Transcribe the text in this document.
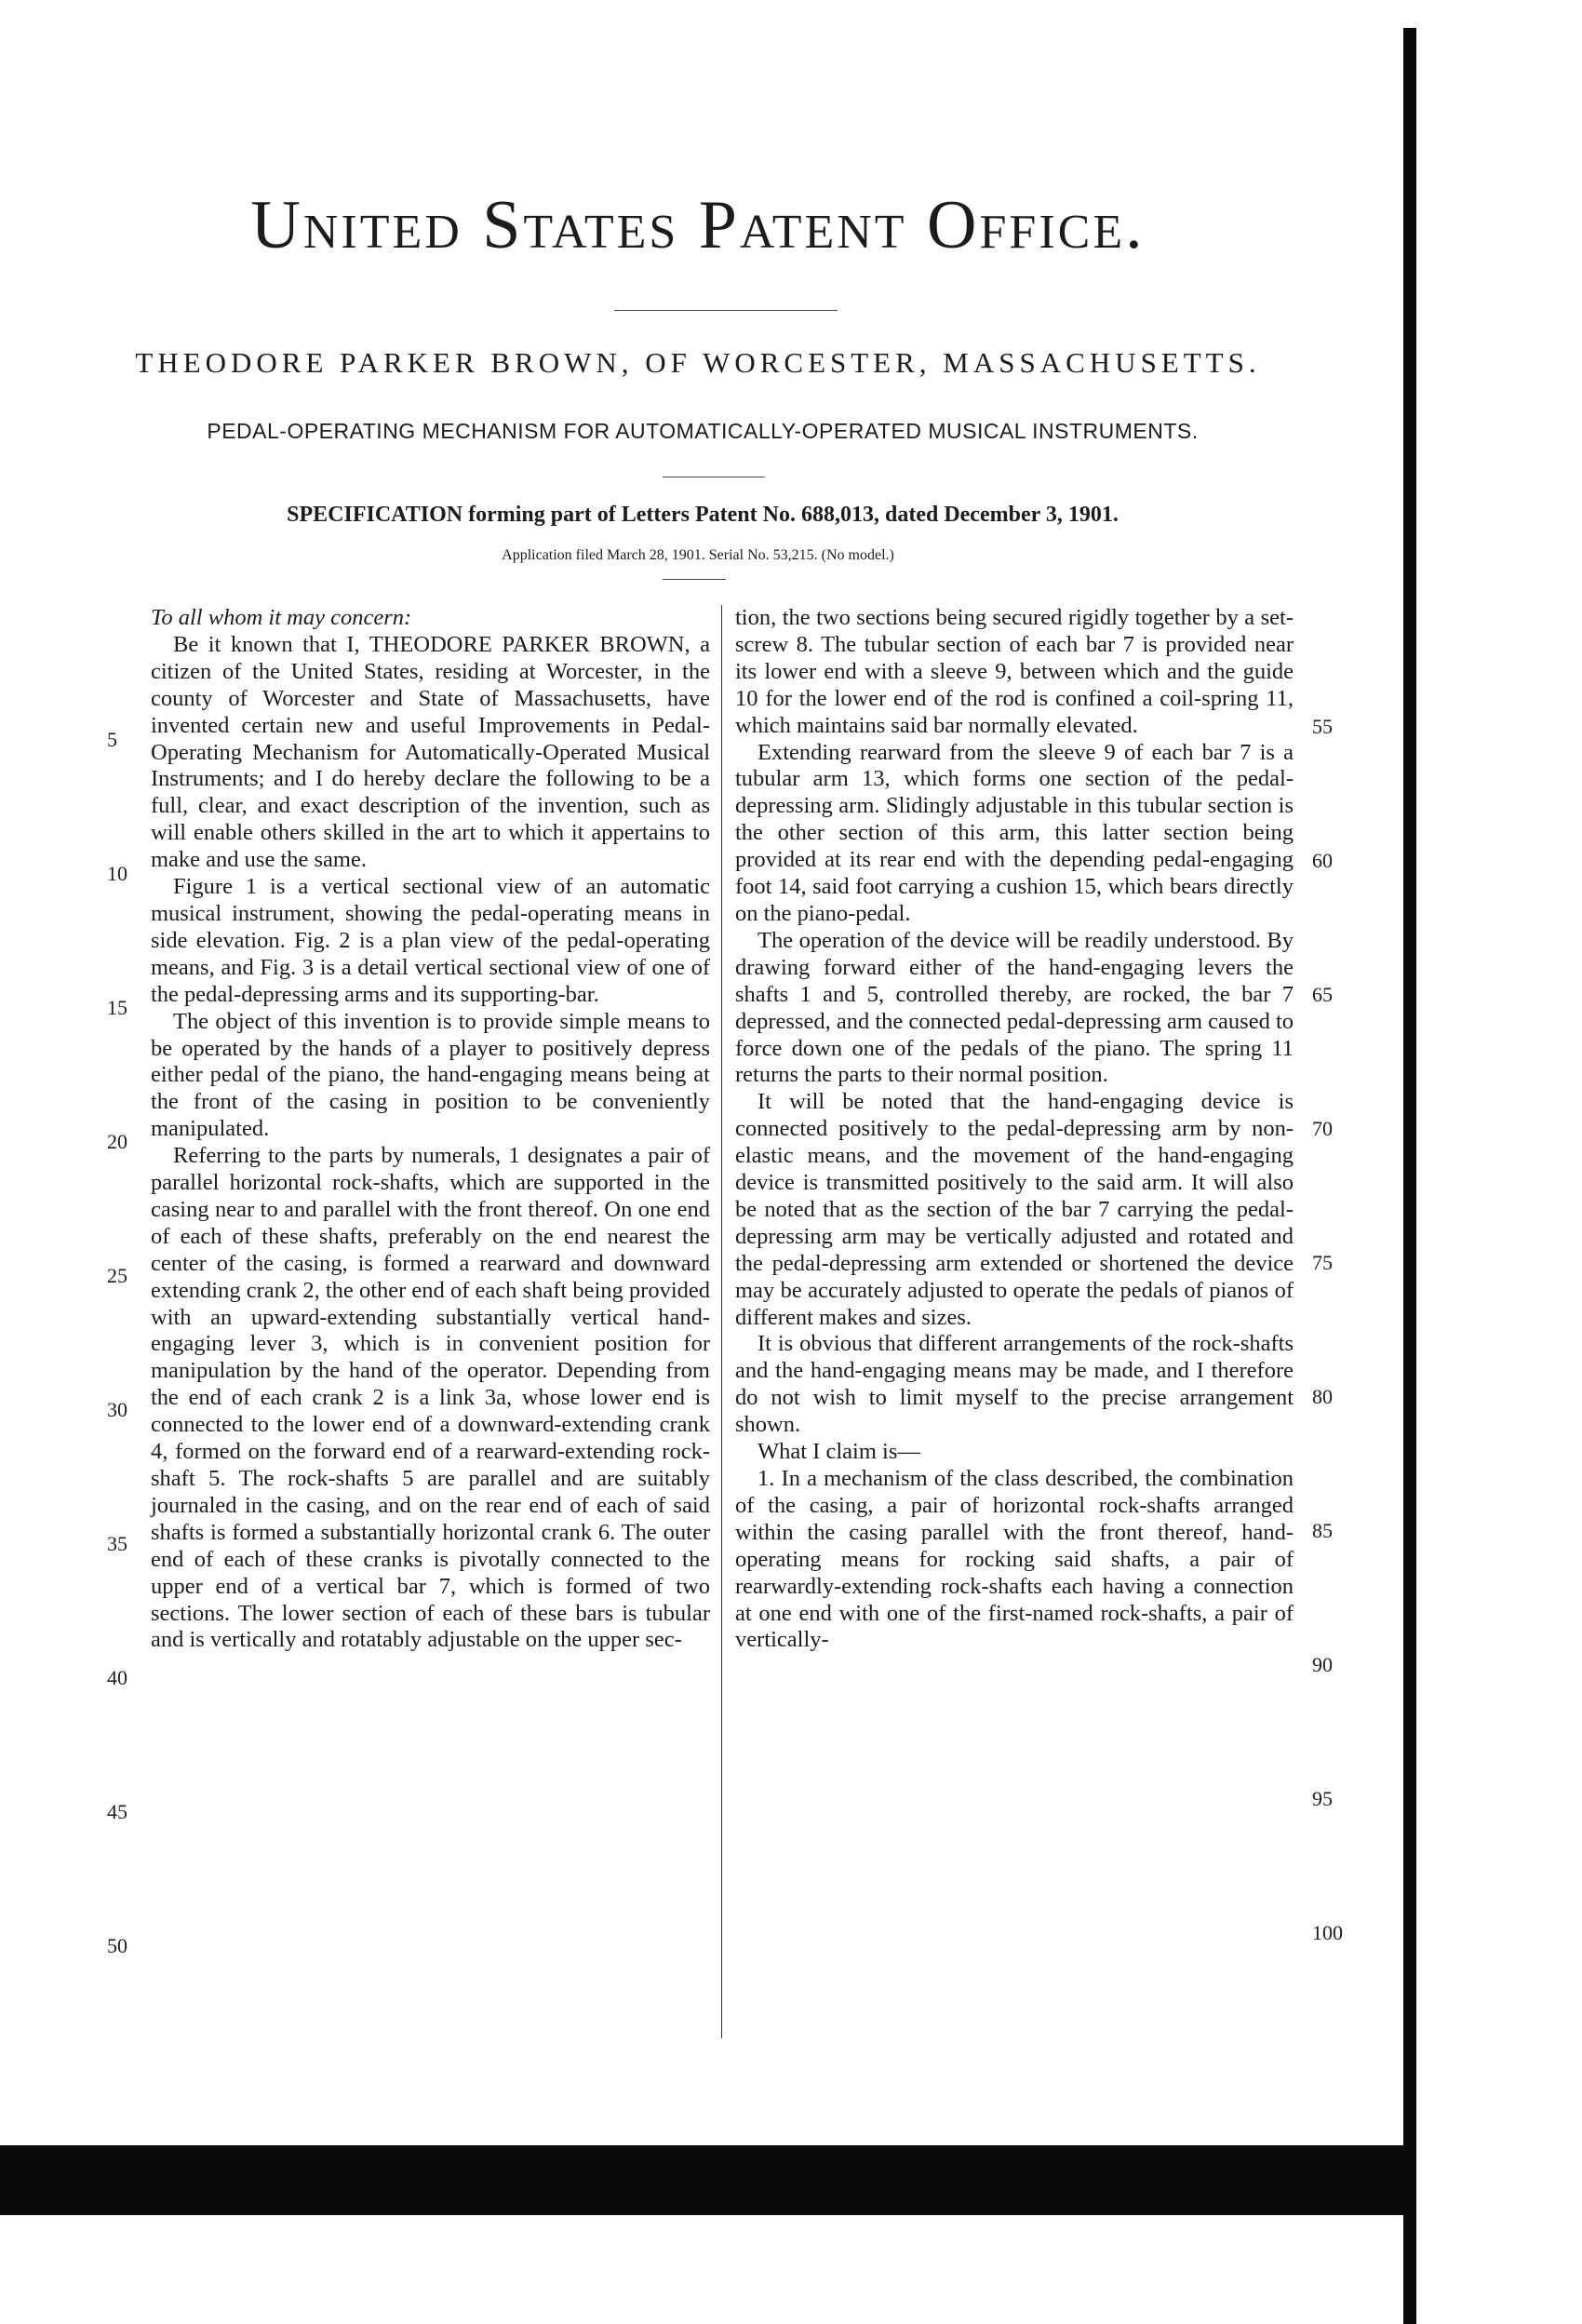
United States Patent Office.
THEODORE PARKER BROWN, OF WORCESTER, MASSACHUSETTS.
PEDAL-OPERATING MECHANISM FOR AUTOMATICALLY-OPERATED MUSICAL INSTRUMENTS.
SPECIFICATION forming part of Letters Patent No. 688,013, dated December 3, 1901.
Application filed March 28, 1901. Serial No. 53,215. (No model.)

To all whom it may concern:

Be it known that I, THEODORE PARKER BROWN, a citizen of the United States, residing at Worcester, in the county of Worcester and State of Massachusetts, have invented certain new and useful Improvements in Pedal-Operating Mechanism for Automatically-Operated Musical Instruments; and I do hereby declare the following to be a full, clear, and exact description of the invention, such as will enable others skilled in the art to which it appertains to make and use the same.

Figure 1 is a vertical sectional view of an automatic musical instrument, showing the pedal-operating means in side elevation. Fig. 2 is a plan view of the pedal-operating means, and Fig. 3 is a detail vertical sectional view of one of the pedal-depressing arms and its supporting-bar.

The object of this invention is to provide simple means to be operated by the hands of a player to positively depress either pedal of the piano, the hand-engaging means being at the front of the casing in position to be conveniently manipulated.

Referring to the parts by numerals, 1 designates a pair of parallel horizontal rock-shafts, which are supported in the casing near to and parallel with the front thereof. On one end of each of these shafts, preferably on the end nearest the center of the casing, is formed a rearward and downward extending crank 2, the other end of each shaft being provided with an upward-extending substantially vertical hand-engaging lever 3, which is in convenient position for manipulation by the hand of the operator. Depending from the end of each crank 2 is a link 3a, whose lower end is connected to the lower end of a downward-extending crank 4, formed on the forward end of a rearward-extending rock-shaft 5. The rock-shafts 5 are parallel and are suitably journaled in the casing, and on the rear end of each of said shafts is formed a substantially horizontal crank 6. The outer end of each of these cranks is pivotally connected to the upper end of a vertical bar 7, which is formed of two sections. The lower section of each of these bars is tubular and is vertically and rotatably adjustable on the upper sec-

tion, the two sections being secured rigidly together by a set-screw 8. The tubular section of each bar 7 is provided near its lower end with a sleeve 9, between which and the guide 10 for the lower end of the rod is confined a coil-spring 11, which maintains said bar normally elevated.

Extending rearward from the sleeve 9 of each bar 7 is a tubular arm 13, which forms one section of the pedal-depressing arm. Slidingly adjustable in this tubular section is the other section of this arm, this latter section being provided at its rear end with the depending pedal-engaging foot 14, said foot carrying a cushion 15, which bears directly on the piano-pedal.

The operation of the device will be readily understood. By drawing forward either of the hand-engaging levers the shafts 1 and 5, controlled thereby, are rocked, the bar 7 depressed, and the connected pedal-depressing arm caused to force down one of the pedals of the piano. The spring 11 returns the parts to their normal position.

It will be noted that the hand-engaging device is connected positively to the pedal-depressing arm by non-elastic means, and the movement of the hand-engaging device is transmitted positively to the said arm. It will also be noted that as the section of the bar 7 carrying the pedal-depressing arm may be vertically adjusted and rotated and the pedal-depressing arm extended or shortened the device may be accurately adjusted to operate the pedals of pianos of different makes and sizes.

It is obvious that different arrangements of the rock-shafts and the hand-engaging means may be made, and I therefore do not wish to limit myself to the precise arrangement shown.

What I claim is—

1. In a mechanism of the class described, the combination of the casing, a pair of horizontal rock-shafts arranged within the casing parallel with the front thereof, hand-operating means for rocking said shafts, a pair of rearwardly-extending rock-shafts each having a connection at one end with one of the first-named rock-shafts, a pair of vertically-

5
10
15
20
25
30
35
40
45
50
55
60
65
70
75
80
85
90
95
100
